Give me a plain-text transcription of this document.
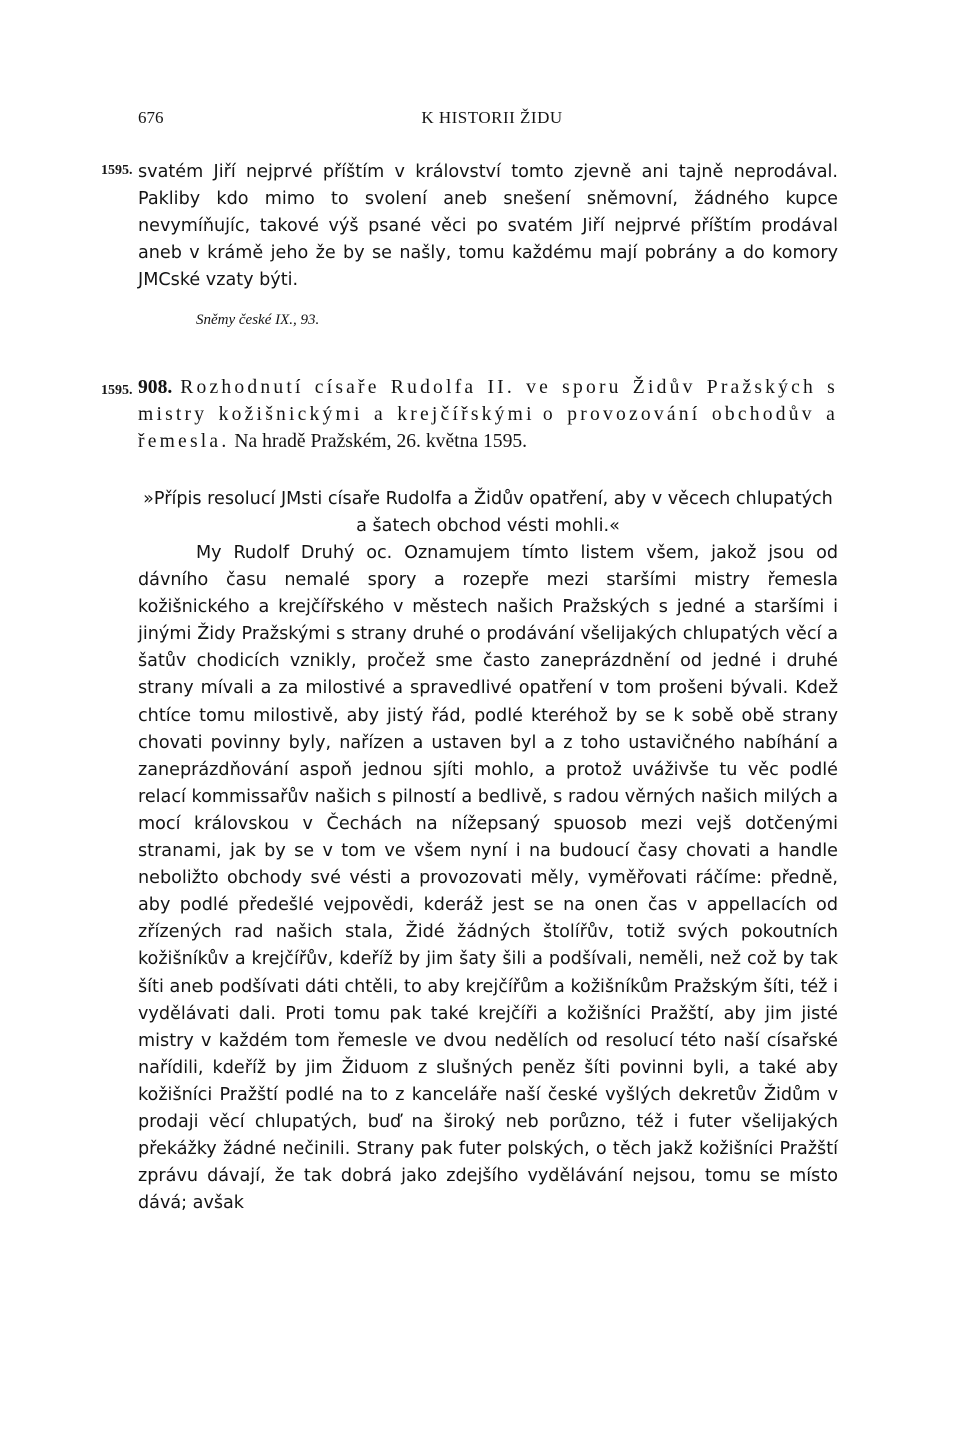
676	K HISTORII ŽIDU
1595. svatém Jiří nejprvé příštím v království tomto zjevně ani tajně neprodával. Pakliby kdo mimo to svolení aneb snešení sněmovní, žádného kupce nevymíňujíc, takové výš psané věci po svatém Jiří nejprvé příštím prodával aneb v krámě jeho že by se našly, tomu každému mají pobrány a do komory JMCské vzaty býti.
Sněmy české IX., 93.
1595. 908. Rozhodnutí císaře Rudolfa II. ve sporu Židův Pražských s mistry kožišnickými a krejčířskými o provozování obchodův a řemesla. Na hradě Pražském, 26. května 1595.
»Přípis resolucí JMsti císaře Rudolfa a Židův opatření, aby v věcech chlupatých a šatech obchod vésti mohli.«
My Rudolf Druhý oc. Oznamujem tímto listem všem, jakož jsou od dávního času nemalé spory a rozepře mezi staršími mistry řemesla kožišnického a krejčířského v městech našich Pražských s jedné a staršími i jinými Židy Pražskými s strany druhé o prodávání všelijakých chlupatých věcí a šatův chodicích vznikly, pročež sme často zaneprázdnění od jedné i druhé strany mívali a za milostivé a spravedlivé opatření v tom prošeni bývali. Kdež chtíce tomu milostivě, aby jistý řád, podlé kteréhož by se k sobě obě strany chovati povinny byly, nařízen a ustaven byl a z toho ustavičného nabíhání a zaneprázdňování aspoň jednou sjíti mohlo, a protož uváživše tu věc podlé relací kommissařův našich s pilností a bedlivě, s radou věrných našich milých a mocí královskou v Čechách na nížepsaný spuosob mezi vejš dotčenými stranami, jak by se v tom ve všem nyní i na budoucí časy chovati a handle neboližto obchody své vésti a provozovati měly, vyměřovati ráčíme: předně, aby podlé předešlé vejpovědi, kderáž jest se na onen čas v appellacích od zřízených rad našich stala, Židé žádných štolířův, totiž svých pokoutních kožišníkův a krejčířův, kdeříž by jim šaty šili a podšívali, neměli, než což by tak šíti aneb podšívati dáti chtěli, to aby krejčířům a kožišníkům Pražským šíti, též i vydělávati dali. Proti tomu pak také krejčíři a kožišníci Pražští, aby jim jisté mistry v každém tom řemesle ve dvou nedělích od resolucí této naší císařské nařídili, kdeříž by jim Židuom z slušných peněz šíti povinni byli, a také aby kožišníci Pražští podlé na to z kanceláře naší české vyšlých dekretův Židům v prodaji věcí chlupatých, buď na široký neb porůzno, též i futer všelijakých překážky žádné nečinili. Strany pak futer polských, o těch jakž kožišníci Pražští zprávu dávají, že tak dobrá jako zdejšího vydělávání nejsou, tomu se místo dává; avšak
